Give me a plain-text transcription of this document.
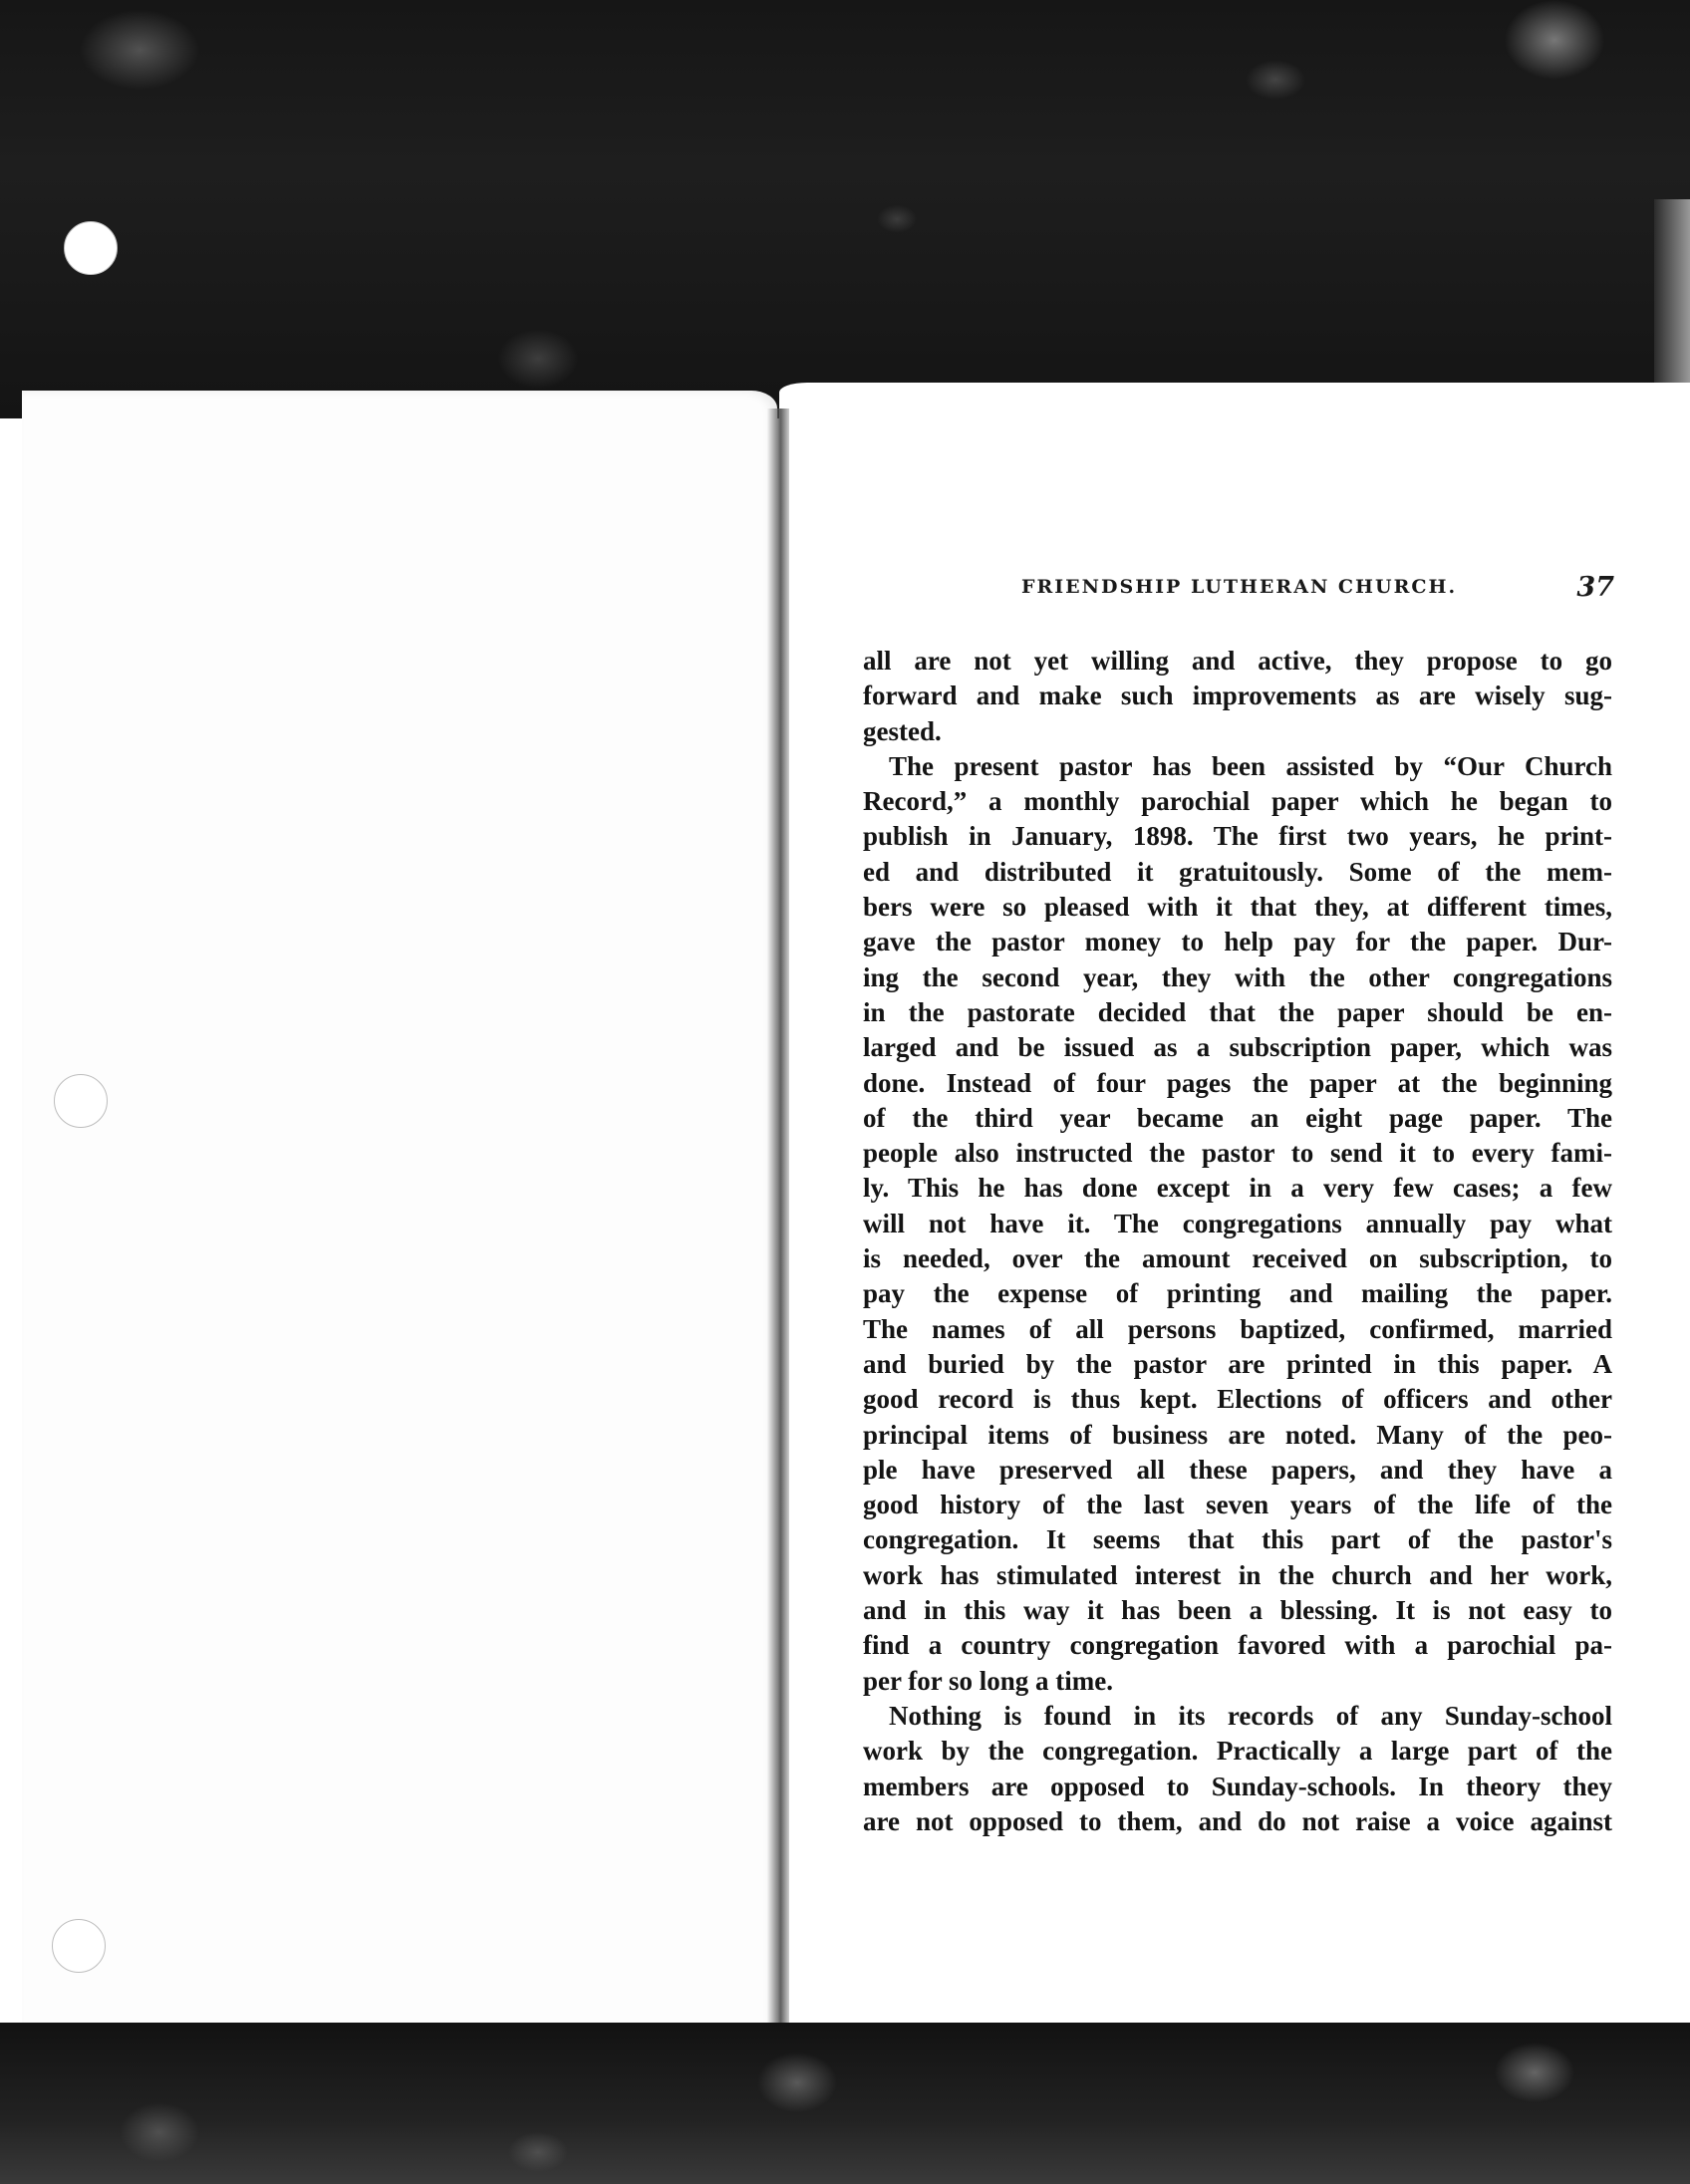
FRIENDSHIP LUTHERAN CHURCH.	37
all are not yet willing and active, they propose to go
forward and make such improvements as are wisely sug-
gested.
The present pastor has been assisted by “Our Church
Record,” a monthly parochial paper which he began to
publish in January, 1898. The first two years, he print-
ed and distributed it gratuitously. Some of the mem-
bers were so pleased with it that they, at different times,
gave the pastor money to help pay for the paper. Dur-
ing the second year, they with the other congregations
in the pastorate decided that the paper should be en-
larged and be issued as a subscription paper, which was
done. Instead of four pages the paper at the beginning
of the third year became an eight page paper. The
people also instructed the pastor to send it to every fami-
ly. This he has done except in a very few cases; a few
will not have it. The congregations annually pay what
is needed, over the amount received on subscription, to
pay the expense of printing and mailing the paper.
The names of all persons baptized, confirmed, married
and buried by the pastor are printed in this paper. A
good record is thus kept. Elections of officers and other
principal items of business are noted. Many of the peo-
ple have preserved all these papers, and they have a
good history of the last seven years of the life of the
congregation. It seems that this part of the pastor's
work has stimulated interest in the church and her work,
and in this way it has been a blessing. It is not easy to
find a country congregation favored with a parochial pa-
per for so long a time.
Nothing is found in its records of any Sunday-school
work by the congregation. Practically a large part of the
members are opposed to Sunday-schools. In theory they
are not opposed to them, and do not raise a voice against
